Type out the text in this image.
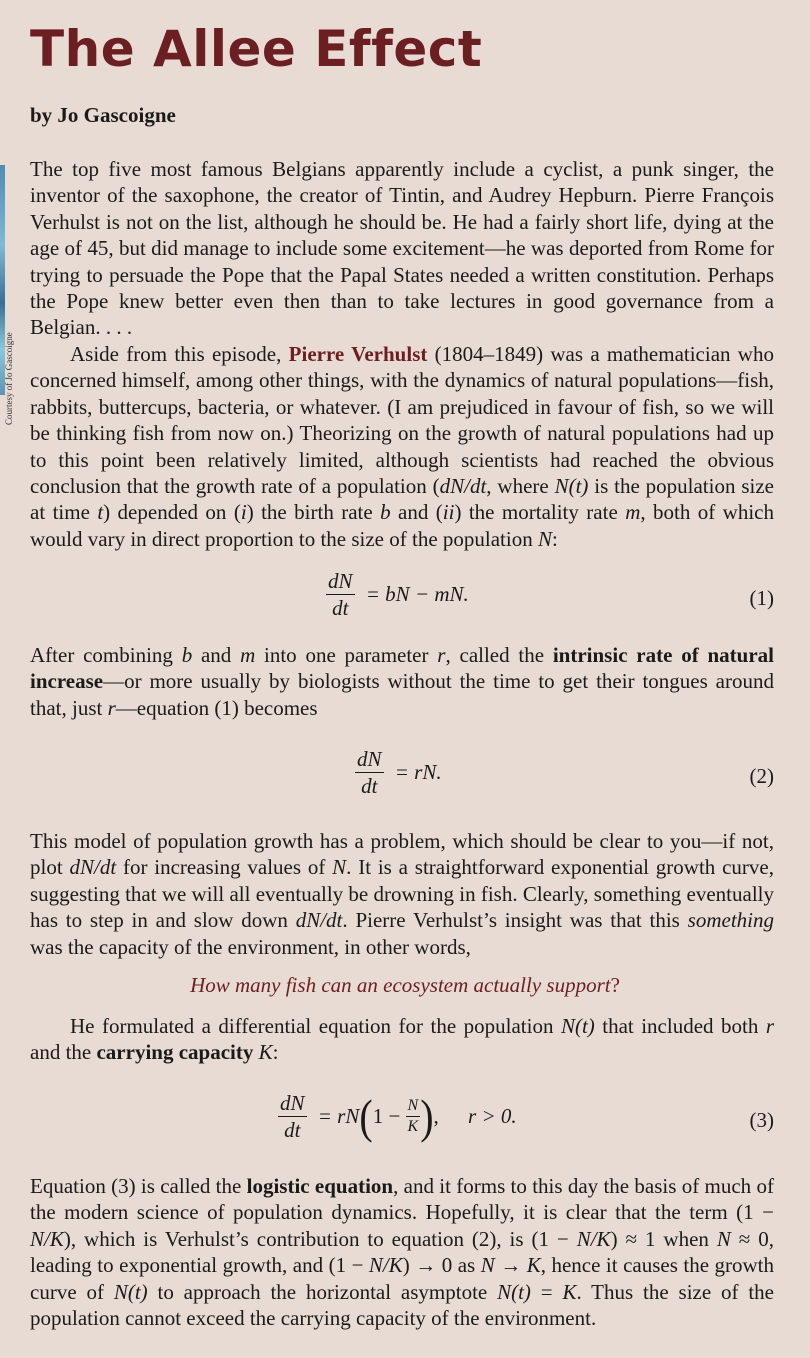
The Allee Effect
by Jo Gascoigne
Courtesy of Jo Gascoigne

The top five most famous Belgians apparently include a cyclist, a punk singer, the inventor of the saxophone, the creator of Tintin, and Audrey Hepburn. Pierre François Verhulst is not on the list, although he should be. He had a fairly short life, dying at the age of 45, but did manage to include some excitement—he was deported from Rome for trying to persuade the Pope that the Papal States needed a written constitution. Perhaps the Pope knew better even then than to take lectures in good governance from a Belgian. . . .

Aside from this episode, Pierre Verhulst (1804–1849) was a mathematician who concerned himself, among other things, with the dynamics of natural populations—fish, rabbits, buttercups, bacteria, or whatever. (I am prejudiced in favour of fish, so we will be thinking fish from now on.) Theorizing on the growth of natural populations had up to this point been relatively limited, although scientists had reached the obvious conclusion that the growth rate of a population (dN/dt, where N(t) is the population size at time t) depended on (i) the birth rate b and (ii) the mortality rate m, both of which would vary in direct proportion to the size of the population N:

$\frac{dN}{dt}$ = bN − mN.	(1)

After combining b and m into one parameter r, called the intrinsic rate of natural increase—or more usually by biologists without the time to get their tongues around that, just r—equation (1) becomes

$\frac{dN}{dt}$ = rN.	(2)

This model of population growth has a problem, which should be clear to you—if not, plot dN/dt for increasing values of N. It is a straightforward exponential growth curve, suggesting that we will all eventually be drowning in fish. Clearly, something eventually has to step in and slow down dN/dt. Pierre Verhulst’s insight was that this something was the capacity of the environment, in other words,

How many fish can an ecosystem actually support?

He formulated a differential equation for the population N(t) that included both r and the carrying capacity K:

$\frac{dN}{dt} = rN(1 - \frac{N}{K}$ ), r > 0.	(3)

Equation (3) is called the logistic equation, and it forms to this day the basis of much of the modern science of population dynamics. Hopefully, it is clear that the term (1 − N/K), which is Verhulst’s contribution to equation (2), is (1 − N/K) ≈ 1 when N ≈ 0, leading to exponential growth, and (1 − N/K) → 0 as N → K, hence it causes the growth curve of N(t) to approach the horizontal asymptote N(t) = K. Thus the size of the population cannot exceed the carrying capacity of the environment.
